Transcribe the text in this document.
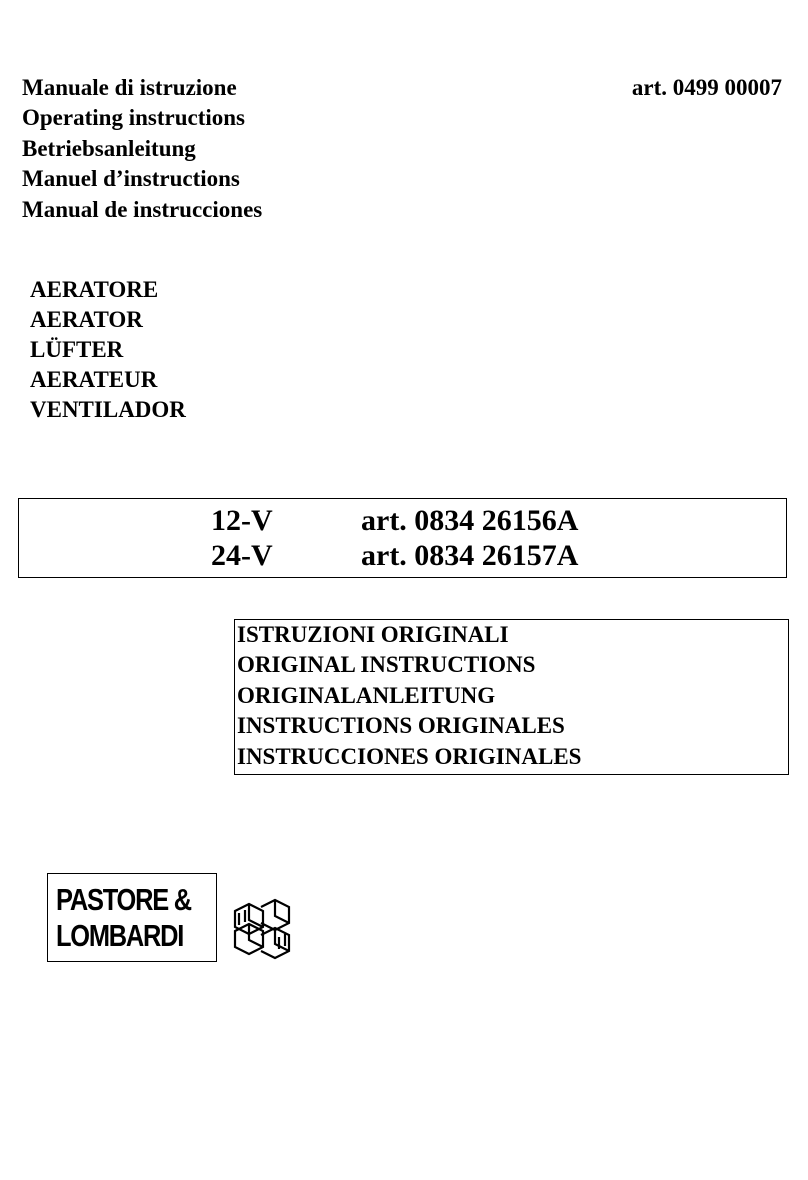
Manuale di istruzione
Operating instructions
Betriebsanleitung
Manuel d’instructions
Manual de instrucciones
art. 0499 00007
AERATORE
AERATOR
LÜFTER
AERATEUR
VENTILADOR
12-V	art. 0834 26156A
24-V	art. 0834 26157A
ISTRUZIONI ORIGINALI
ORIGINAL INSTRUCTIONS
ORIGINALANLEITUNG
INSTRUCTIONS ORIGINALES
INSTRUCCIONES ORIGINALES
PASTORE &
LOMBARDI
